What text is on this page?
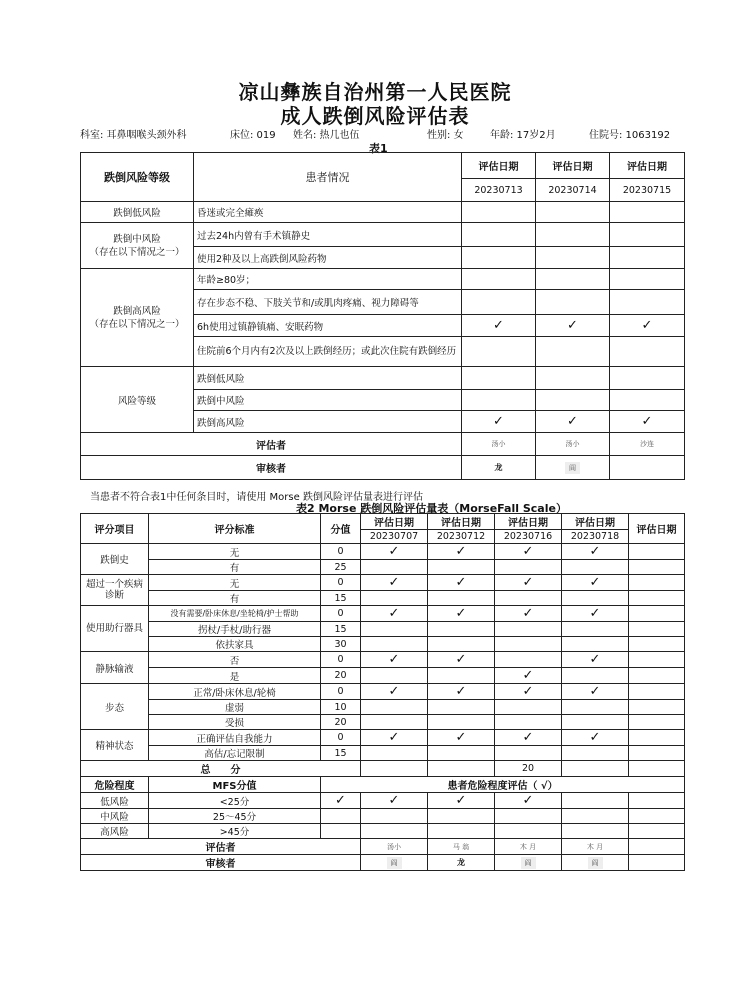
凉山彝族自治州第一人民医院
成人跌倒风险评估表
科室: 耳鼻咽喉头颈外科	床位: 019 姓名: 热几也伍	性别: 女	年龄: 17岁2月	住院号: 1063192
表1
跌倒风险等级	患者情况	评估日期	评估日期	评估日期
		20230713	20230714	20230715
跌倒低风险	昏迷或完全瘫痪			

跌倒中风险
（存在以下情况之一）	过去24h内曾有手术镇静史			
	使用2种及以上高跌倒风险药物			

跌倒高风险
（存在以下情况之一）	年龄≥80岁；			
	存在步态不稳、下肢关节和/或肌肉疼痛、视力障碍等			
	6h使用过镇静镇痛、安眠药物	✓	✓	✓
	住院前6个月内有2次及以上跌倒经历；或此次住院有跌倒经历			
风险等级	跌倒低风险			
	跌倒中风险			
	跌倒高风险	✓	✓	✓
评估者		汤小	汤小	沙连
审核者		龙	阎	
当患者不符合表1中任何条目时，请使用 Morse 跌倒风险评估量表进行评估
表2 Morse 跌倒风险评估量表（MorseFall Scale）
评分项目	评分标准	分值	评估日期	评估日期	评估日期	评估日期	评估日期
			20230707	20230712	20230716	20230718	
跌倒史	无	0	✓	✓	✓	✓	
	有	25					
超过一个疾病诊断	无	0	✓	✓	✓	✓	
	有	15					
使用助行器具	没有需要/卧床休息/坐轮椅/护士帮助	0	✓	✓	✓	✓	
	拐杖/手杖/助行器	15					
	依扶家具	30					
静脉输液	否	0	✓	✓		✓	
	是	20			✓		
步态	正常/卧床休息/轮椅	0	✓	✓	✓	✓	
	虚弱	10					
	受损	20					
精神状态	正确评估自我能力	0	✓	✓	✓	✓	
	高估/忘记限制	15					
总　　分					20		
危险程度	MFS分值	患者危险程度评估（ √）					
低风险	<25分	✓	✓	✓	✓		
中风险	25～45分						
高风险	>45分						
评估者			汤小	马 翁	木 月	木 月	
审核者			阎	龙	阎	阎	
